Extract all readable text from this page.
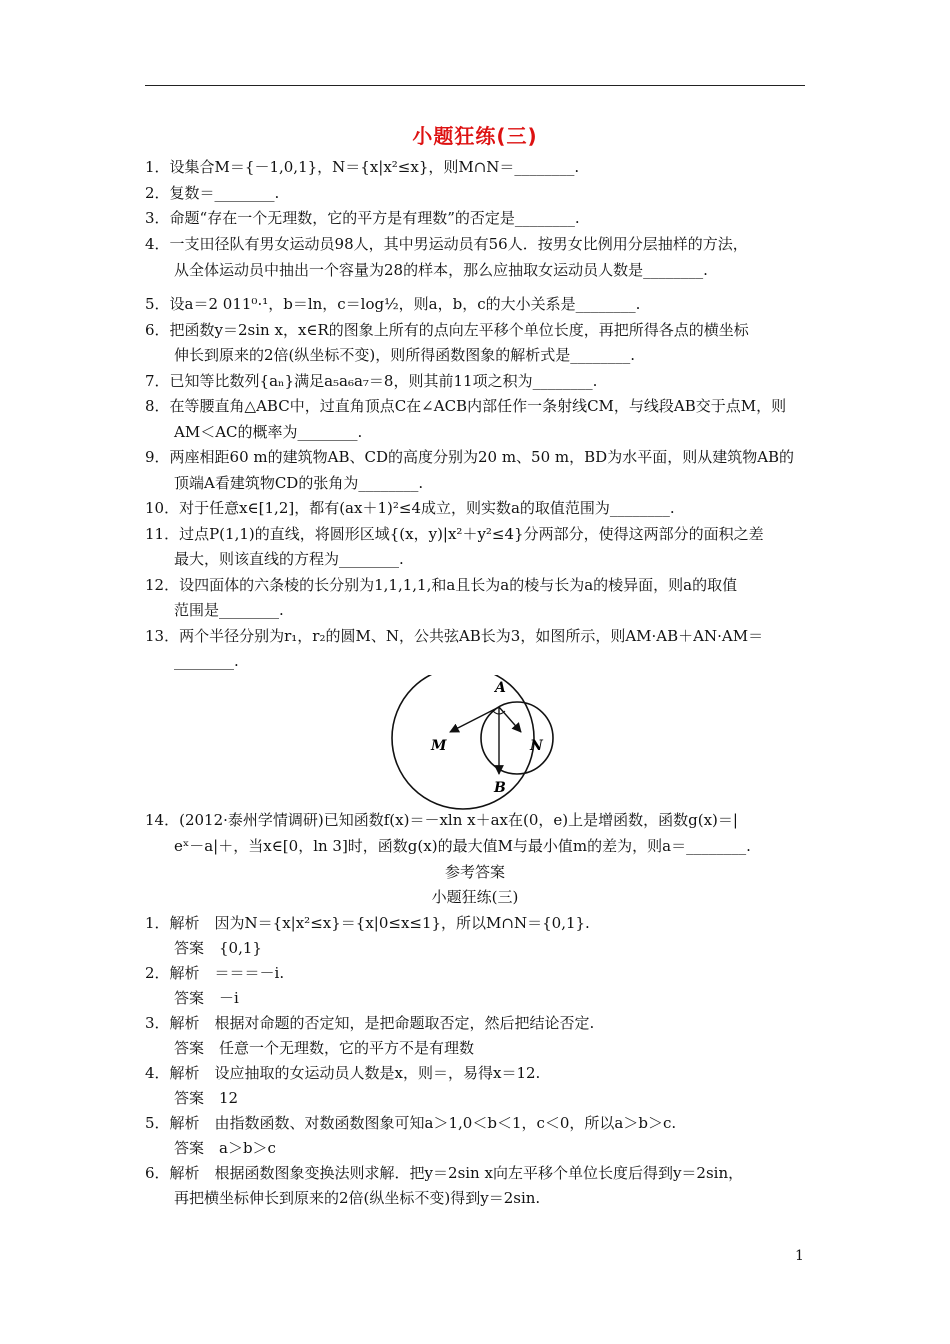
小题狂练(三)
1．设集合M＝{－1,0,1}，N＝{x|x²≤x}，则M∩N＝________.
2．复数＝________.
3．命题“存在一个无理数，它的平方是有理数”的否定是________.
4．一支田径队有男女运动员98人，其中男运动员有56人．按男女比例用分层抽样的方法，
从全体运动员中抽出一个容量为28的样本，那么应抽取女运动员人数是________.
5．设a＝2 011⁰·¹，b＝ln，c＝log½，则a，b，c的大小关系是________.
6．把函数y＝2sin x，x∈R的图象上所有的点向左平移个单位长度，再把所得各点的横坐标
伸长到原来的2倍(纵坐标不变)，则所得函数图象的解析式是________.
7．已知等比数列{aₙ}满足a₅a₆a₇＝8，则其前11项之积为________.
8．在等腰直角△ABC中，过直角顶点C在∠ACB内部任作一条射线CM，与线段AB交于点M，则
AM＜AC的概率为________.
9．两座相距60 m的建筑物AB、CD的高度分别为20 m、50 m，BD为水平面，则从建筑物AB的
顶端A看建筑物CD的张角为________.
10．对于任意x∈[1,2]，都有(ax＋1)²≤4成立，则实数a的取值范围为________.
11．过点P(1,1)的直线，将圆形区域{(x，y)|x²＋y²≤4}分两部分，使得这两部分的面积之差
最大，则该直线的方程为________.
12．设四面体的六条棱的长分别为1,1,1,1,和a且长为a的棱与长为a的棱异面，则a的取值
范围是________.
13．两个半径分别为r₁，r₂的圆M、N，公共弦AB长为3，如图所示，则AM·AB＋AN·AM＝
________.
A
B
M	N
14．(2012·泰州学情调研)已知函数f(x)＝－xln x＋ax在(0，e)上是增函数，函数g(x)＝|
eˣ－a|＋，当x∈[0，ln 3]时，函数g(x)的最大值M与最小值m的差为，则a＝________.
参考答案
小题狂练(三)
1．解析　因为N＝{x|x²≤x}＝{x|0≤x≤1}，所以M∩N＝{0,1}.
答案　{0,1}
2．解析　＝＝＝－i.
答案　－i
3．解析　根据对命题的否定知，是把命题取否定，然后把结论否定.
答案　任意一个无理数，它的平方不是有理数
4．解析　设应抽取的女运动员人数是x，则＝，易得x＝12.
答案　12
5．解析　由指数函数、对数函数图象可知a＞1,0＜b＜1，c＜0，所以a＞b＞c.
答案　a＞b＞c
6．解析　根据函数图象变换法则求解．把y＝2sin x向左平移个单位长度后得到y＝2sin，
再把横坐标伸长到原来的2倍(纵坐标不变)得到y＝2sin.
1
